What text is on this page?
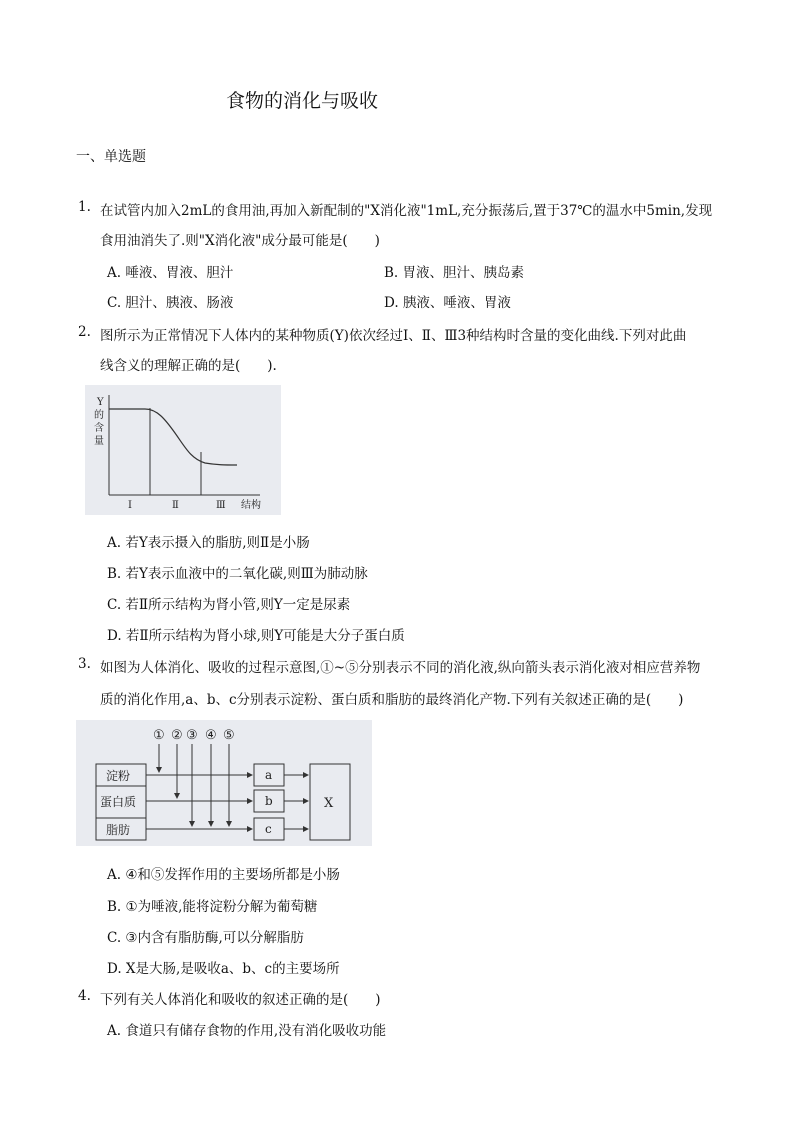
食物的消化与吸收
一、单选题
1. 在试管内加入2mL的食用油,再加入新配制的"X消化液"1mL,充分振荡后,置于37℃的温水中5min,发现
食用油消失了.则"X消化液"成分最可能是(　　)
A. 唾液、胃液、胆汁	B. 胃液、胆汁、胰岛素
C. 胆汁、胰液、肠液	D. 胰液、唾液、胃液
2. 图所示为正常情况下人体内的某种物质(Y)依次经过Ⅰ、Ⅱ、Ⅲ3种结构时含量的变化曲线.下列对此曲
线含义的理解正确的是(　　).
Y
的
含
量
Ⅰ	Ⅱ	Ⅲ 结构
A. 若Y表示摄入的脂肪,则Ⅱ是小肠
B. 若Y表示血液中的二氧化碳,则Ⅲ为肺动脉
C. 若Ⅱ所示结构为肾小管,则Y一定是尿素
D. 若Ⅱ所示结构为肾小球,则Y可能是大分子蛋白质
3. 如图为人体消化、吸收的过程示意图,①~⑤分别表示不同的消化液,纵向箭头表示消化液对相应营养物
质的消化作用,a、b、c分别表示淀粉、蛋白质和脂肪的最终消化产物.下列有关叙述正确的是(　　)
① ② ③ ④ ⑤
淀粉
蛋白质
脂肪
a
b
c
X
A. ④和⑤发挥作用的主要场所都是小肠
B. ①为唾液,能将淀粉分解为葡萄糖
C. ③内含有脂肪酶,可以分解脂肪
D. X是大肠,是吸收a、b、c的主要场所
4. 下列有关人体消化和吸收的叙述正确的是(　　)
A. 食道只有储存食物的作用,没有消化吸收功能
